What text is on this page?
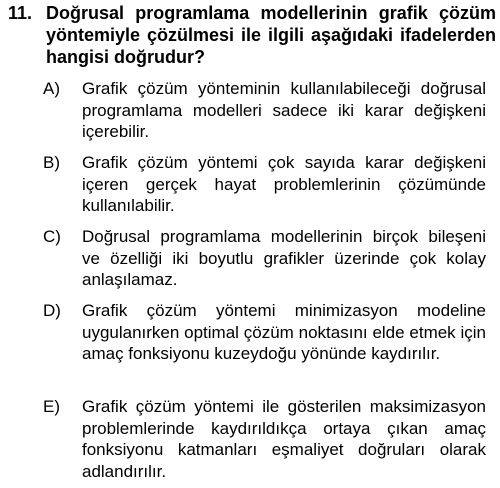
11. Doğrusal programlama modellerinin grafik çözüm yöntemiyle çözülmesi ile ilgili aşağıdaki ifadelerden hangisi doğrudur?
A) Grafik çözüm yönteminin kullanılabileceği doğrusal programlama modelleri sadece iki karar değişkeni içerebilir.
B) Grafik çözüm yöntemi çok sayıda karar değişkeni içeren gerçek hayat problemlerinin çözümünde kullanılabilir.
C) Doğrusal programlama modellerinin birçok bileşeni ve özelliği iki boyutlu grafikler üzerinde çok kolay anlaşılamaz.
D) Grafik çözüm yöntemi minimizasyon modeline uygulanırken optimal çözüm noktasını elde etmek için amaç fonksiyonu kuzeydoğu yönünde kaydırılır.
E) Grafik çözüm yöntemi ile gösterilen maksimizasyon problemlerinde kaydırıldıkça ortaya çıkan amaç fonksiyonu katmanları eşmaliyet doğruları olarak adlandırılır.
